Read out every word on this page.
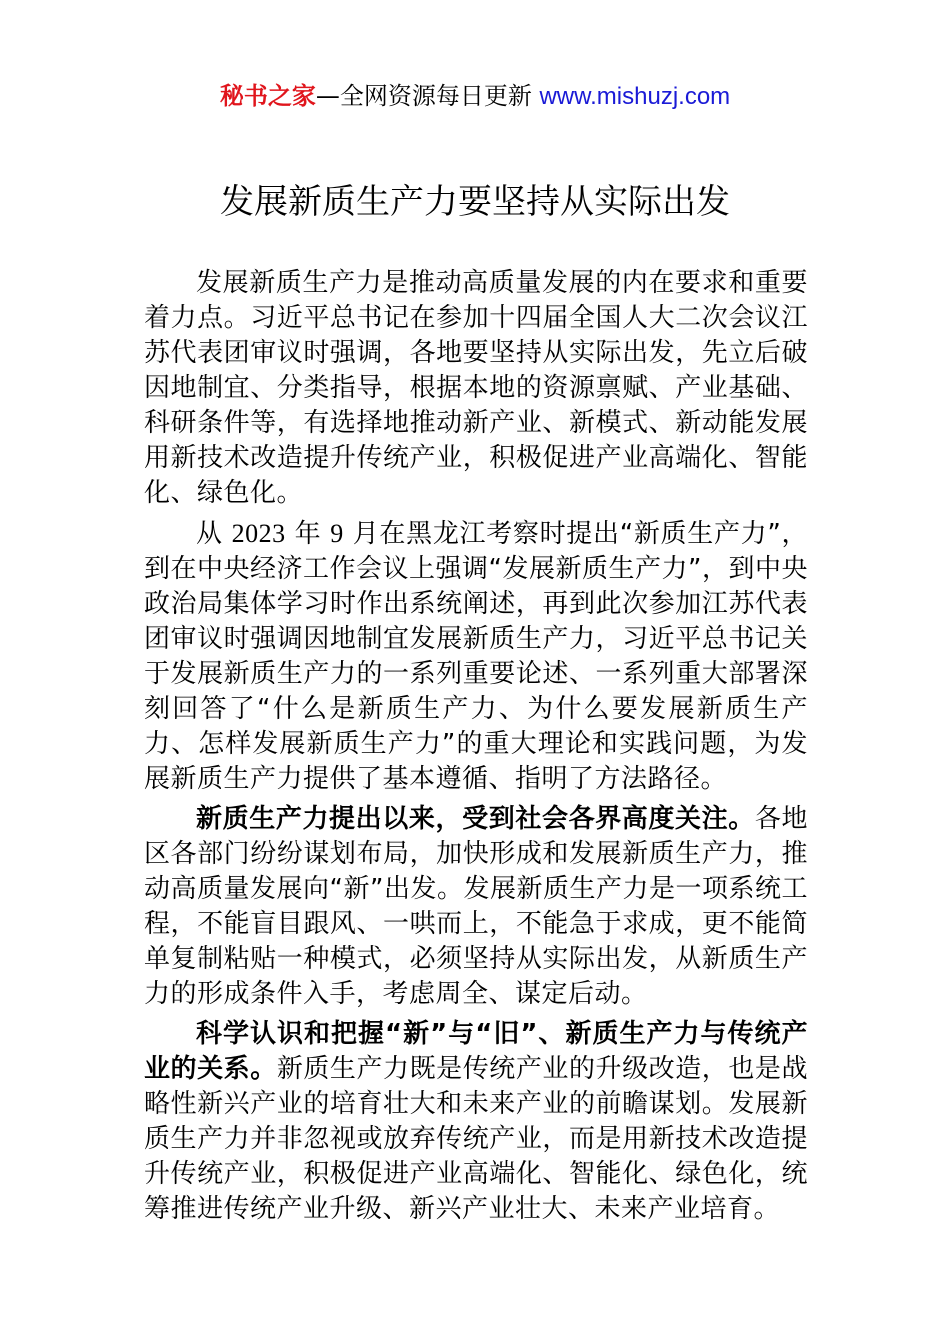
秘书之家—全网资源每日更新 www.mishuzj.com
发展新质生产力要坚持从实际出发

发展新质生产力是推动高质量发展的内在要求和重要着力点。习近平总书记在参加十四届全国人大二次会议江苏代表团审议时强调，各地要坚持从实际出发，先立后破因地制宜、分类指导，根据本地的资源禀赋、产业基础、科研条件等，有选择地推动新产业、新模式、新动能发展用新技术改造提升传统产业，积极促进产业高端化、智能化、绿色化。

从 2023 年 9 月在黑龙江考察时提出“新质生产力”，到在中央经济工作会议上强调“发展新质生产力”，到中央政治局集体学习时作出系统阐述，再到此次参加江苏代表团审议时强调因地制宜发展新质生产力，习近平总书记关于发展新质生产力的一系列重要论述、一系列重大部署深刻回答了“什么是新质生产力、为什么要发展新质生产力、怎样发展新质生产力”的重大理论和实践问题，为发展新质生产力提供了基本遵循、指明了方法路径。

新质生产力提出以来，受到社会各界高度关注。各地区各部门纷纷谋划布局，加快形成和发展新质生产力，推动高质量发展向“新”出发。发展新质生产力是一项系统工程，不能盲目跟风、一哄而上，不能急于求成，更不能简单复制粘贴一种模式，必须坚持从实际出发，从新质生产力的形成条件入手，考虑周全、谋定后动。

科学认识和把握“新”与“旧”、新质生产力与传统产业的关系。新质生产力既是传统产业的升级改造，也是战略性新兴产业的培育壮大和未来产业的前瞻谋划。发展新质生产力并非忽视或放弃传统产业，而是用新技术改造提升传统产业，积极促进产业高端化、智能化、绿色化，统筹推进传统产业升级、新兴产业壮大、未来产业培育。
